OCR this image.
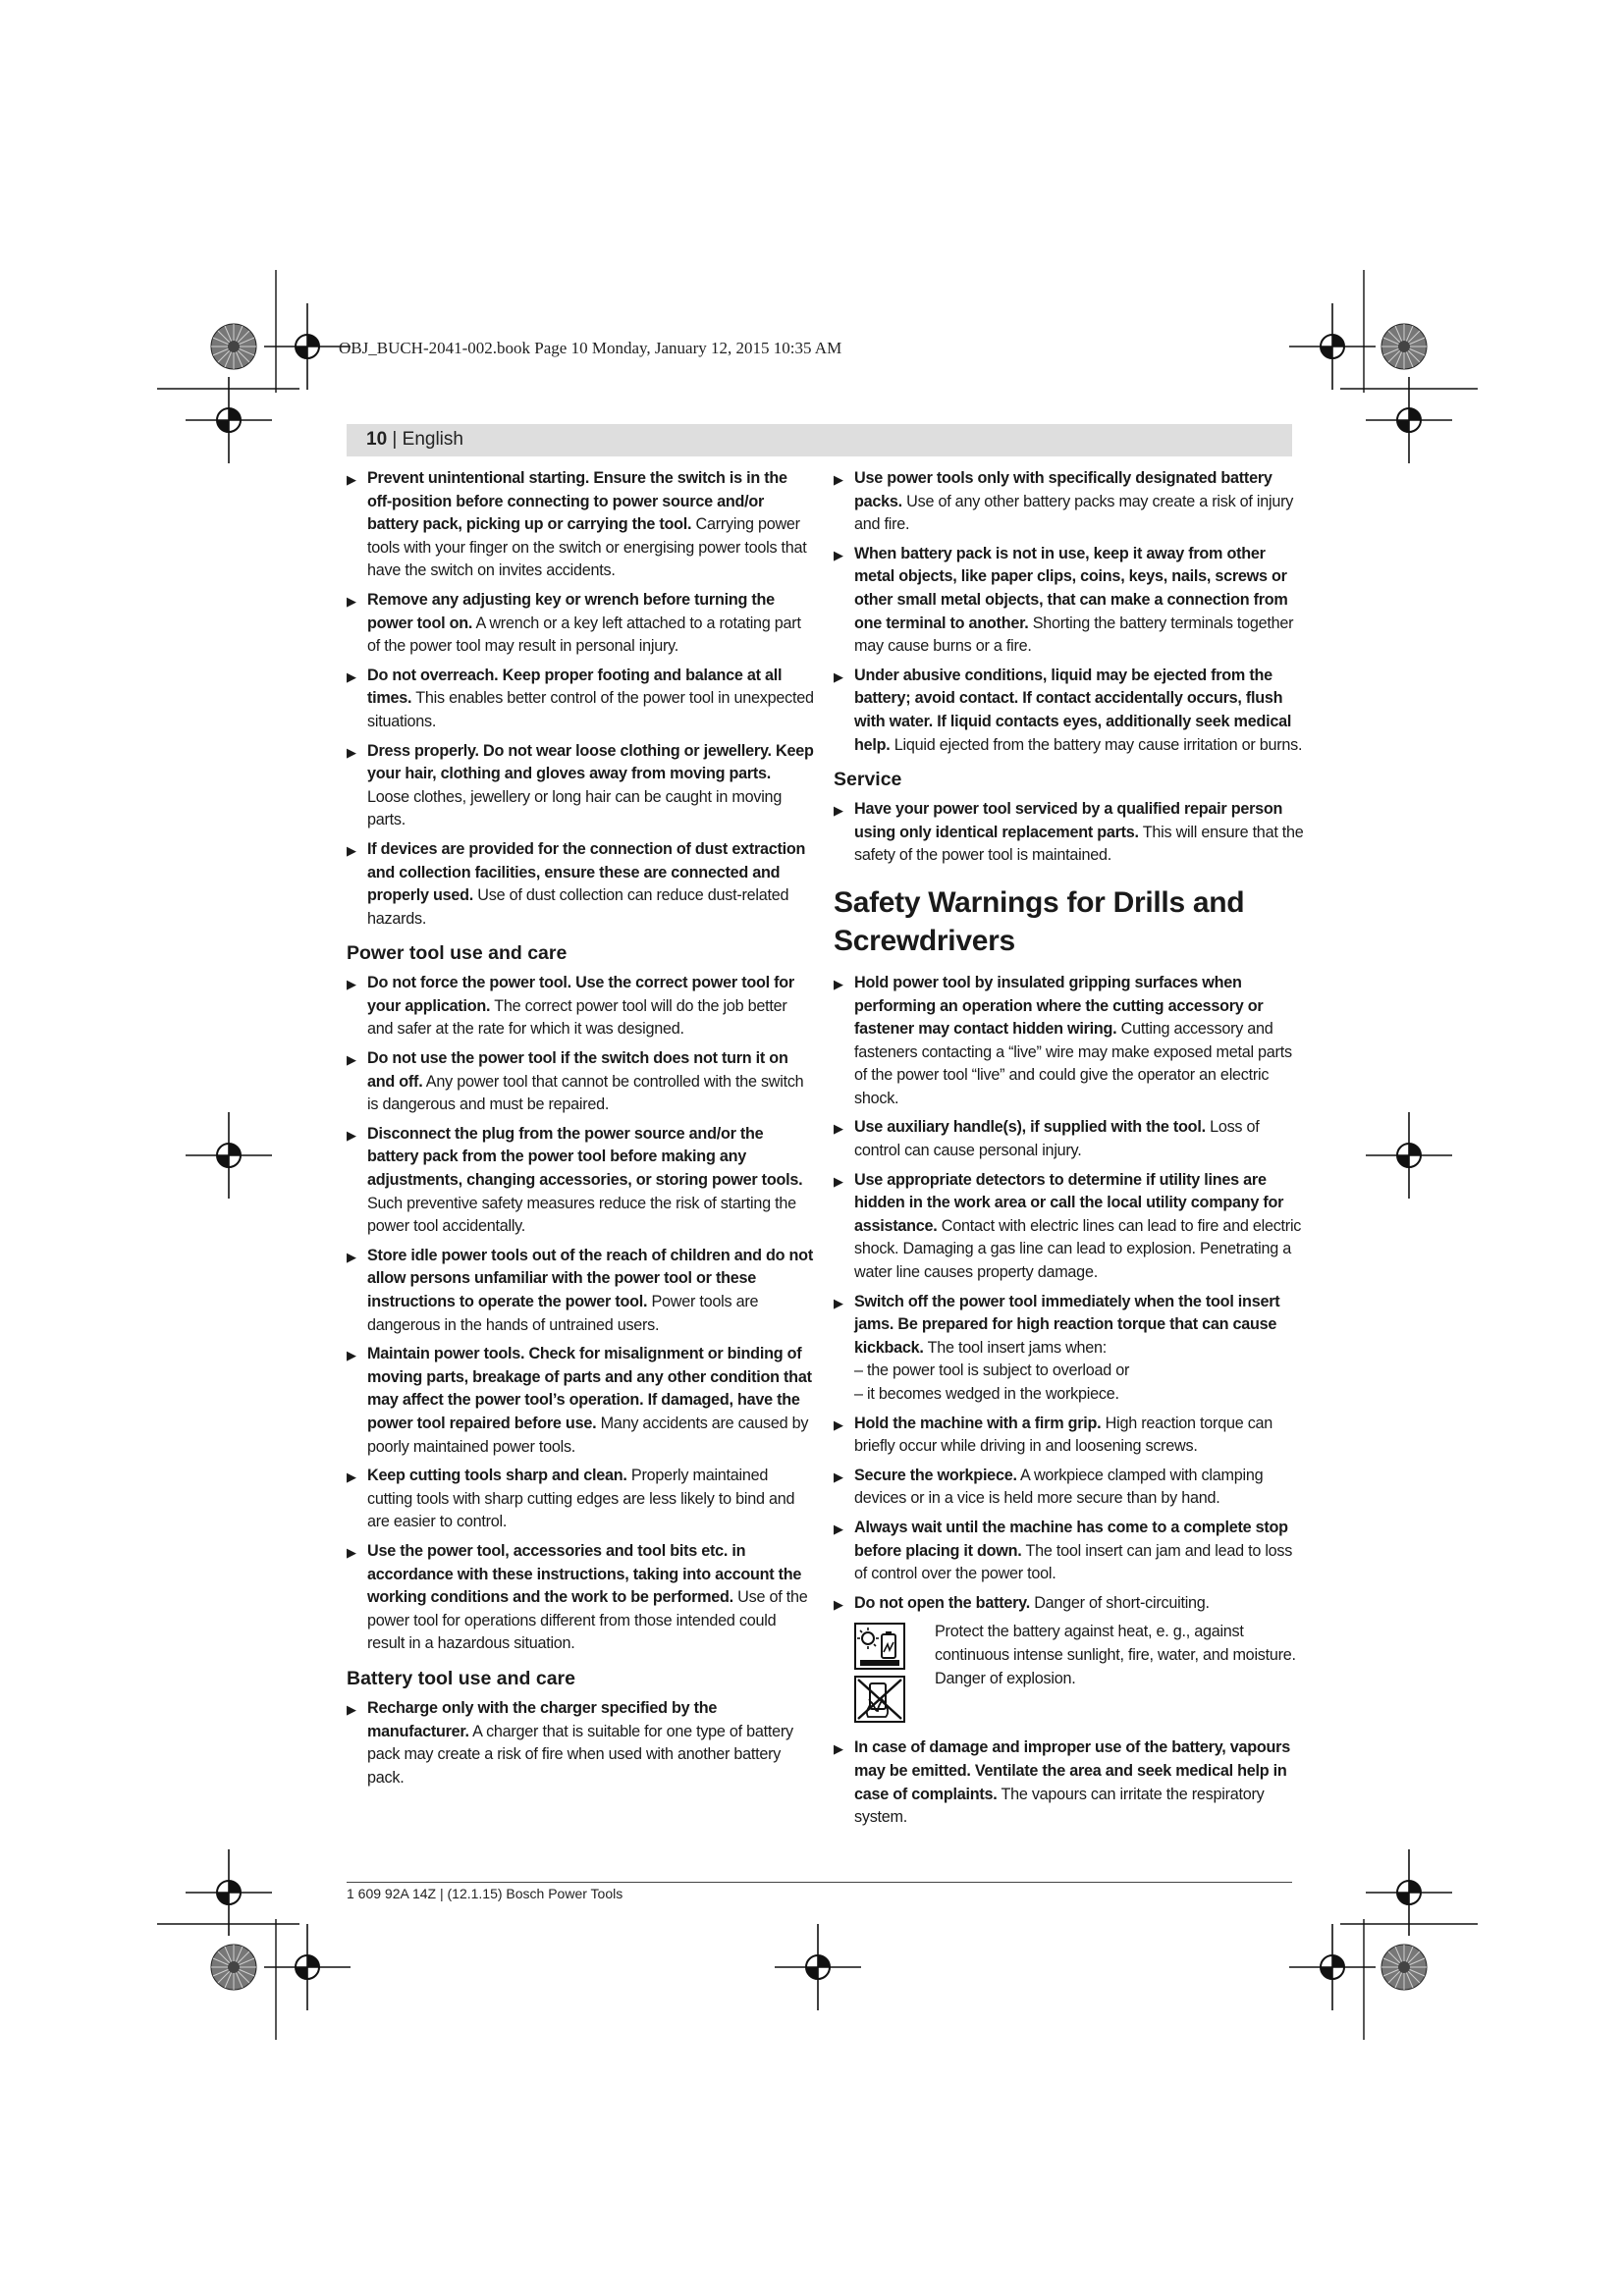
OBJ_BUCH-2041-002.book Page 10 Monday, January 12, 2015 10:35 AM
10 | English
▶ Prevent unintentional starting. Ensure the switch is in the off-position before connecting to power source and/or battery pack, picking up or carrying the tool. Carrying power tools with your finger on the switch or energising power tools that have the switch on invites accidents.
▶ Remove any adjusting key or wrench before turning the power tool on. A wrench or a key left attached to a rotating part of the power tool may result in personal injury.
▶ Do not overreach. Keep proper footing and balance at all times. This enables better control of the power tool in unexpected situations.
▶ Dress properly. Do not wear loose clothing or jewellery. Keep your hair, clothing and gloves away from moving parts. Loose clothes, jewellery or long hair can be caught in moving parts.
▶ If devices are provided for the connection of dust extraction and collection facilities, ensure these are connected and properly used. Use of dust collection can reduce dust-related hazards.
Power tool use and care
▶ Do not force the power tool. Use the correct power tool for your application. The correct power tool will do the job better and safer at the rate for which it was designed.
▶ Do not use the power tool if the switch does not turn it on and off. Any power tool that cannot be controlled with the switch is dangerous and must be repaired.
▶ Disconnect the plug from the power source and/or the battery pack from the power tool before making any adjustments, changing accessories, or storing power tools. Such preventive safety measures reduce the risk of starting the power tool accidentally.
▶ Store idle power tools out of the reach of children and do not allow persons unfamiliar with the power tool or these instructions to operate the power tool. Power tools are dangerous in the hands of untrained users.
▶ Maintain power tools. Check for misalignment or binding of moving parts, breakage of parts and any other condition that may affect the power tool’s operation. If damaged, have the power tool repaired before use. Many accidents are caused by poorly maintained power tools.
▶ Keep cutting tools sharp and clean. Properly maintained cutting tools with sharp cutting edges are less likely to bind and are easier to control.
▶ Use the power tool, accessories and tool bits etc. in accordance with these instructions, taking into account the working conditions and the work to be performed. Use of the power tool for operations different from those intended could result in a hazardous situation.
Battery tool use and care
▶ Recharge only with the charger specified by the manufacturer. A charger that is suitable for one type of battery pack may create a risk of fire when used with another battery pack.
▶ Use power tools only with specifically designated battery packs. Use of any other battery packs may create a risk of injury and fire.
▶ When battery pack is not in use, keep it away from other metal objects, like paper clips, coins, keys, nails, screws or other small metal objects, that can make a connection from one terminal to another. Shorting the battery terminals together may cause burns or a fire.
▶ Under abusive conditions, liquid may be ejected from the battery; avoid contact. If contact accidentally occurs, flush with water. If liquid contacts eyes, additionally seek medical help. Liquid ejected from the battery may cause irritation or burns.
Service
▶ Have your power tool serviced by a qualified repair person using only identical replacement parts. This will ensure that the safety of the power tool is maintained.
Safety Warnings for Drills and Screwdrivers
▶ Hold power tool by insulated gripping surfaces when performing an operation where the cutting accessory or fastener may contact hidden wiring. Cutting accessory and fasteners contacting a “live” wire may make exposed metal parts of the power tool “live” and could give the operator an electric shock.
▶ Use auxiliary handle(s), if supplied with the tool. Loss of control can cause personal injury.
▶ Use appropriate detectors to determine if utility lines are hidden in the work area or call the local utility company for assistance. Contact with electric lines can lead to fire and electric shock. Damaging a gas line can lead to explosion. Penetrating a water line causes property damage.
▶ Switch off the power tool immediately when the tool insert jams. Be prepared for high reaction torque that can cause kickback. The tool insert jams when:
– the power tool is subject to overload or
– it becomes wedged in the workpiece.
▶ Hold the machine with a firm grip. High reaction torque can briefly occur while driving in and loosening screws.
▶ Secure the workpiece. A workpiece clamped with clamping devices or in a vice is held more secure than by hand.
▶ Always wait until the machine has come to a complete stop before placing it down. The tool insert can jam and lead to loss of control over the power tool.
▶ Do not open the battery. Danger of short-circuiting.
Protect the battery against heat, e. g., against continuous intense sunlight, fire, water, and moisture. Danger of explosion.
▶ In case of damage and improper use of the battery, vapours may be emitted. Ventilate the area and seek medical help in case of complaints. The vapours can irritate the respiratory system.
1 609 92A 14Z | (12.1.15) Bosch Power Tools
